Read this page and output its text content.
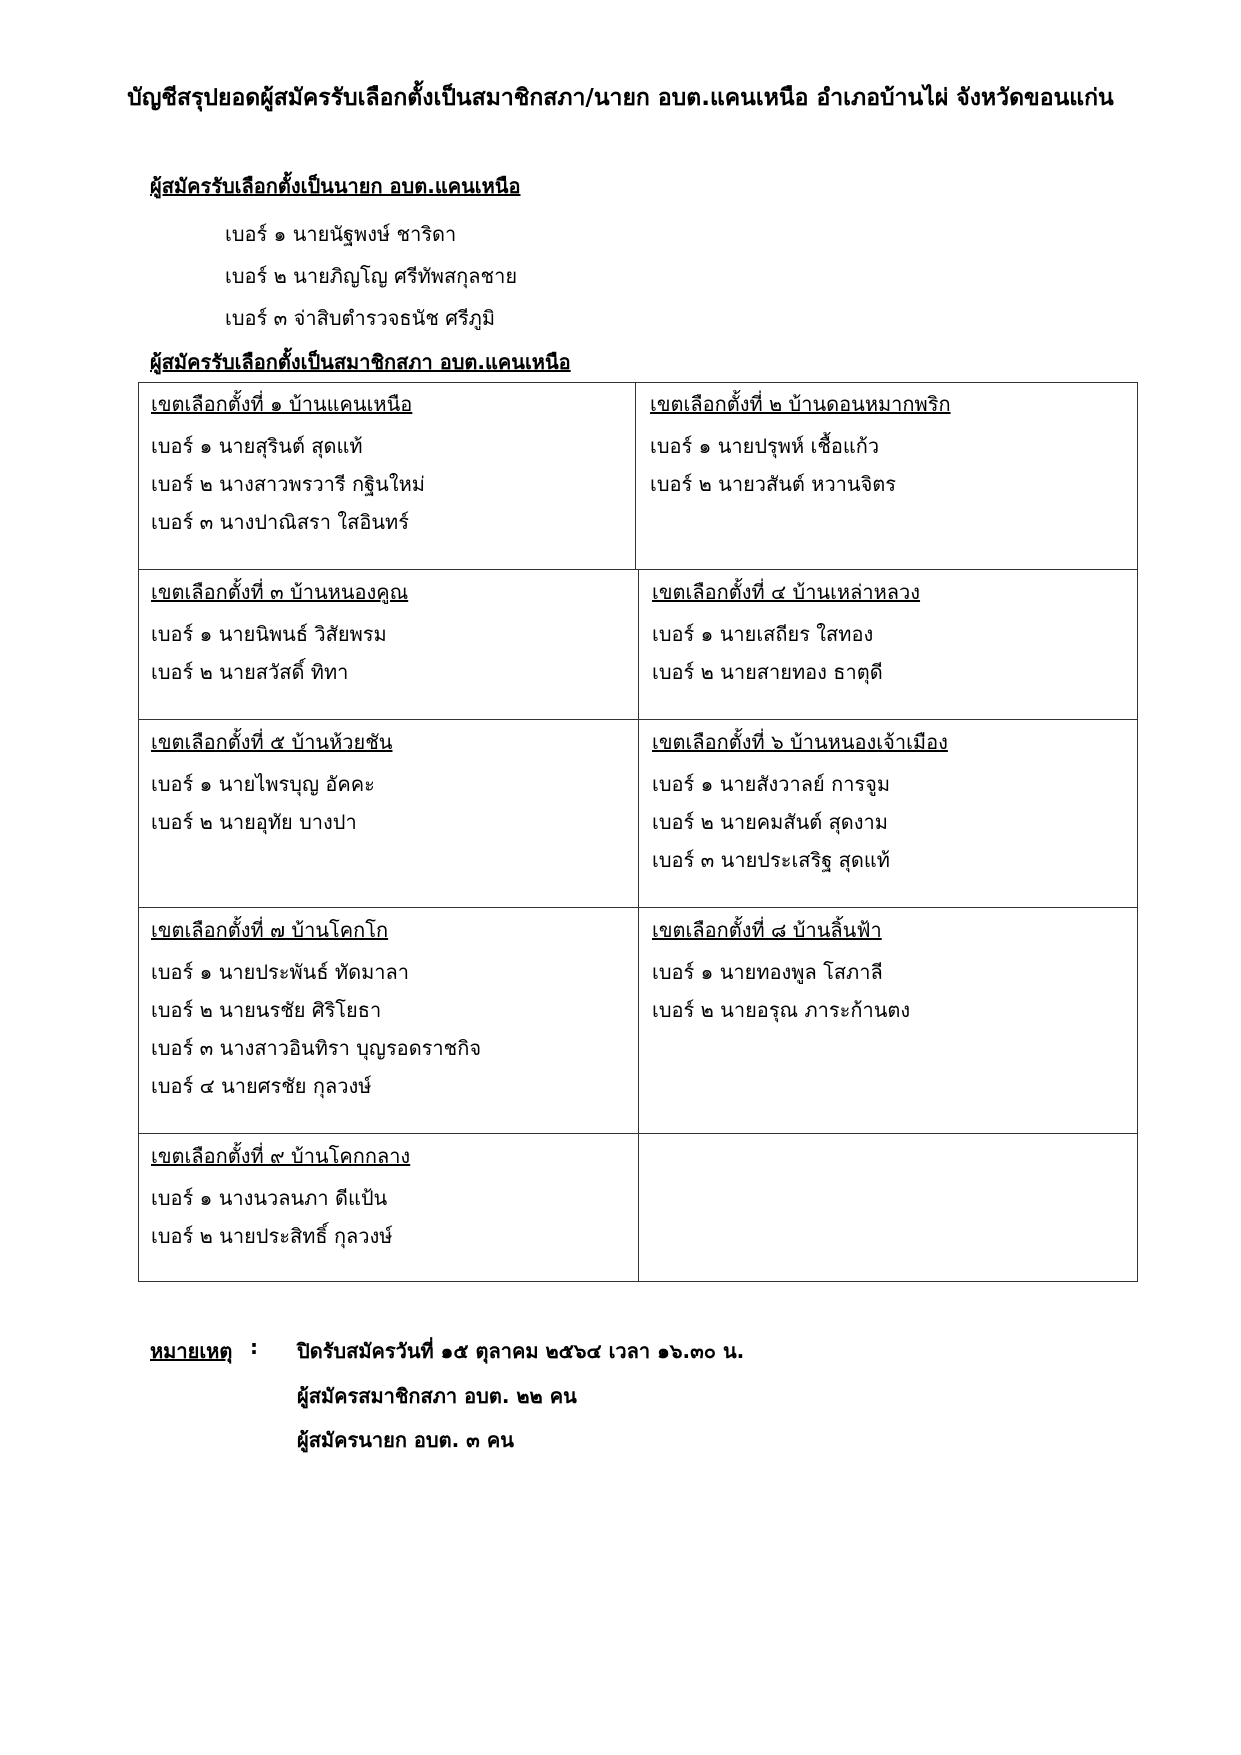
บัญชีสรุปยอดผู้สมัครรับเลือกตั้งเป็นสมาชิกสภา/นายก อบต.แคนเหนือ อำเภอบ้านไผ่ จังหวัดขอนแก่น
ผู้สมัครรับเลือกตั้งเป็นนายก อบต.แคนเหนือ
เบอร์ ๑ นายนัฐพงษ์ ชาริดา
เบอร์ ๒ นายภิญโญ ศรีทัพสกุลชาย
เบอร์ ๓ จ่าสิบตำรวจธนัช ศรีภูมิ
ผู้สมัครรับเลือกตั้งเป็นสมาชิกสภา อบต.แคนเหนือ
เขตเลือกตั้งที่ ๑ บ้านแคนเหนือ
เบอร์ ๑ นายสุรินต์ สุดแท้
เบอร์ ๒ นางสาวพรวารี กฐินใหม่
เบอร์ ๓ นางปาณิสรา ใสอินทร์
เขตเลือกตั้งที่ ๒ บ้านดอนหมากพริก
เบอร์ ๑ นายปรุพห์ เชื้อแก้ว
เบอร์ ๒ นายวสันต์ หวานจิตร
เขตเลือกตั้งที่ ๓ บ้านหนองคูณ
เบอร์ ๑ นายนิพนธ์ วิสัยพรม
เบอร์ ๒ นายสวัสดิ์ ทิทา
เขตเลือกตั้งที่ ๔ บ้านเหล่าหลวง
เบอร์ ๑ นายเสถียร ใสทอง
เบอร์ ๒ นายสายทอง ธาตุดี
เขตเลือกตั้งที่ ๕ บ้านห้วยชัน
เบอร์ ๑ นายไพรบุญ อัคคะ
เบอร์ ๒ นายอุทัย บางปา
เขตเลือกตั้งที่ ๖ บ้านหนองเจ้าเมือง
เบอร์ ๑ นายสังวาลย์ การจูม
เบอร์ ๒ นายคมสันต์ สุดงาม
เบอร์ ๓ นายประเสริฐ สุดแท้
เขตเลือกตั้งที่ ๗ บ้านโคกโก
เบอร์ ๑ นายประพันธ์ ทัดมาลา
เบอร์ ๒ นายนรชัย ศิริโยธา
เบอร์ ๓ นางสาวอินทิรา บุญรอดราชกิจ
เบอร์ ๔ นายศรชัย กุลวงษ์
เขตเลือกตั้งที่ ๘ บ้านลิ้นฟ้า
เบอร์ ๑ นายทองพูล โสภาลี
เบอร์ ๒ นายอรุณ ภาระก้านตง
เขตเลือกตั้งที่ ๙ บ้านโคกกลาง
เบอร์ ๑ นางนวลนภา ดีแป้น
เบอร์ ๒ นายประสิทธิ์ กุลวงษ์
หมายเหตุ : ปิดรับสมัครวันที่ ๑๕ ตุลาคม ๒๕๖๔ เวลา ๑๖.๓๐ น.
ผู้สมัครสมาชิกสภา อบต. ๒๒ คน
ผู้สมัครนายก อบต. ๓ คน
